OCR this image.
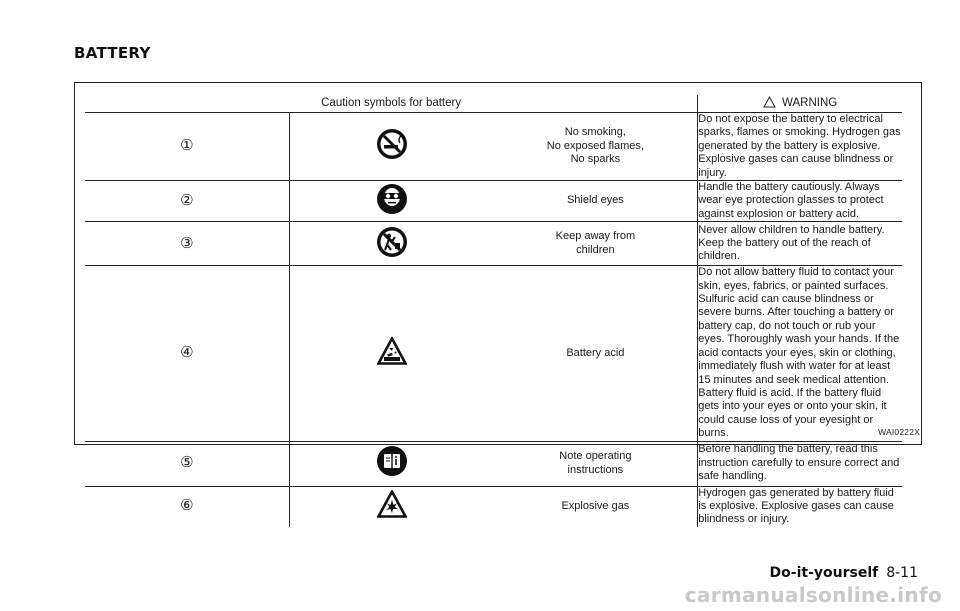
BATTERY
Caution symbols for battery			WARNING
①		No smoking,
No exposed flames,
No sparks	Do not expose the battery to electrical sparks, flames or smoking. Hydrogen gas generated by the battery is explosive. Explosive gases can cause blindness or injury.
②		Shield eyes	Handle the battery cautiously. Always wear eye protection glasses to protect against explosion or battery acid.
③		Keep away from
children	Never allow children to handle battery. Keep the battery out of the reach of children.
④		Battery acid	Do not allow battery fluid to contact your skin, eyes, fabrics, or painted surfaces. Sulfuric acid can cause blindness or severe burns. After touching a battery or battery cap, do not touch or rub your eyes. Thoroughly wash your hands. If the acid contacts your eyes, skin or clothing, immediately flush with water for at least 15 minutes and seek medical attention. Battery fluid is acid. If the battery fluid gets into your eyes or onto your skin, it could cause loss of your eyesight or burns.
⑤		Note operating
instructions	Before handling the battery, read this instruction carefully to ensure correct and safe handling.
⑥		Explosive gas	Hydrogen gas generated by battery fluid is explosive. Explosive gases can cause blindness or injury.
WAI0222X
Do-it-yourself 8-11
carmanualsonline.info
